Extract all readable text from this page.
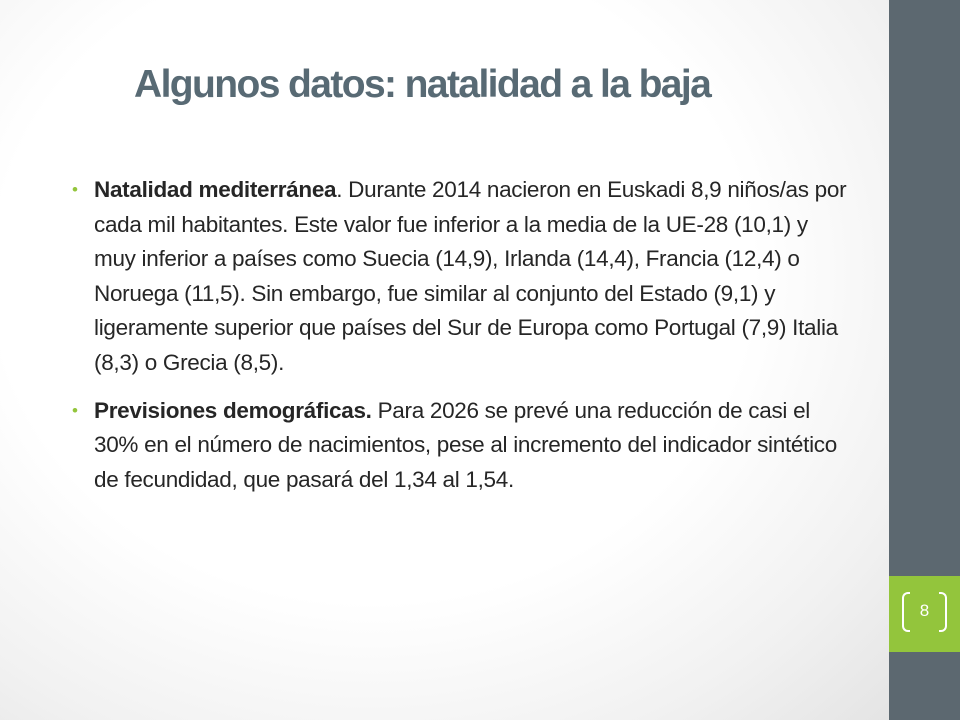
Algunos datos: natalidad a la baja
• Natalidad mediterránea. Durante 2014 nacieron en Euskadi 8,9 niños/as por cada mil habitantes. Este valor fue inferior a la media de la UE-28 (10,1) y muy inferior a países como Suecia (14,9), Irlanda (14,4), Francia (12,4) o Noruega (11,5). Sin embargo, fue similar al conjunto del Estado (9,1) y ligeramente superior que países del Sur de Europa como Portugal (7,9) Italia (8,3) o Grecia (8,5).
• Previsiones demográficas. Para 2026 se prevé una reducción de casi el 30% en el número de nacimientos, pese al incremento del indicador sintético de fecundidad, que pasará del 1,34 al 1,54.
8
